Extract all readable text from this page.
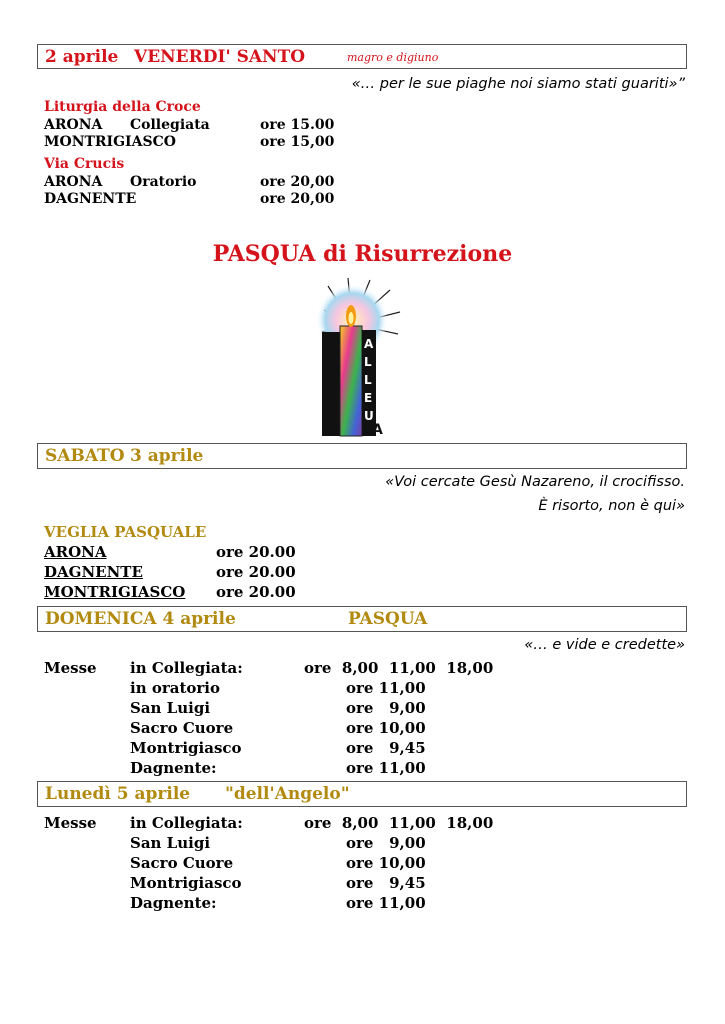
2 aprile VENERDI' SANTO	magro e digiuno
«… per le sue piaghe noi siamo stati guariti»”
Liturgia della Croce
ARONA Collegiata	ore 15.00
MONTRIGIASCO	ore 15,00
Via Crucis
ARONA Oratorio	ore 20,00
DAGNENTE	ore 20,00
PASQUA di Risurrezione
A
L
L
E
U
A
SABATO 3 aprile
«Voi cercate Gesù Nazareno, il crocifisso.
È risorto, non è qui»
VEGLIA PASQUALE
ARONA	ore 20.00
DAGNENTE	ore 20.00
MONTRIGIASCO ore 20.00
DOMENICA 4 aprile	PASQUA
«… e vide e credette»
Messe in Collegiata:	ore  8,00  11,00  18,00
in oratorio	ore 11,00
San Luigi	ore   9,00
Sacro Cuore	ore 10,00
Montrigiasco	ore   9,45
Dagnente:	ore 11,00
Lunedì 5 aprile "dell'Angelo"
Messe in Collegiata:	ore  8,00  11,00  18,00
San Luigi	ore   9,00
Sacro Cuore	ore 10,00
Montrigiasco	ore   9,45
Dagnente:	ore 11,00
